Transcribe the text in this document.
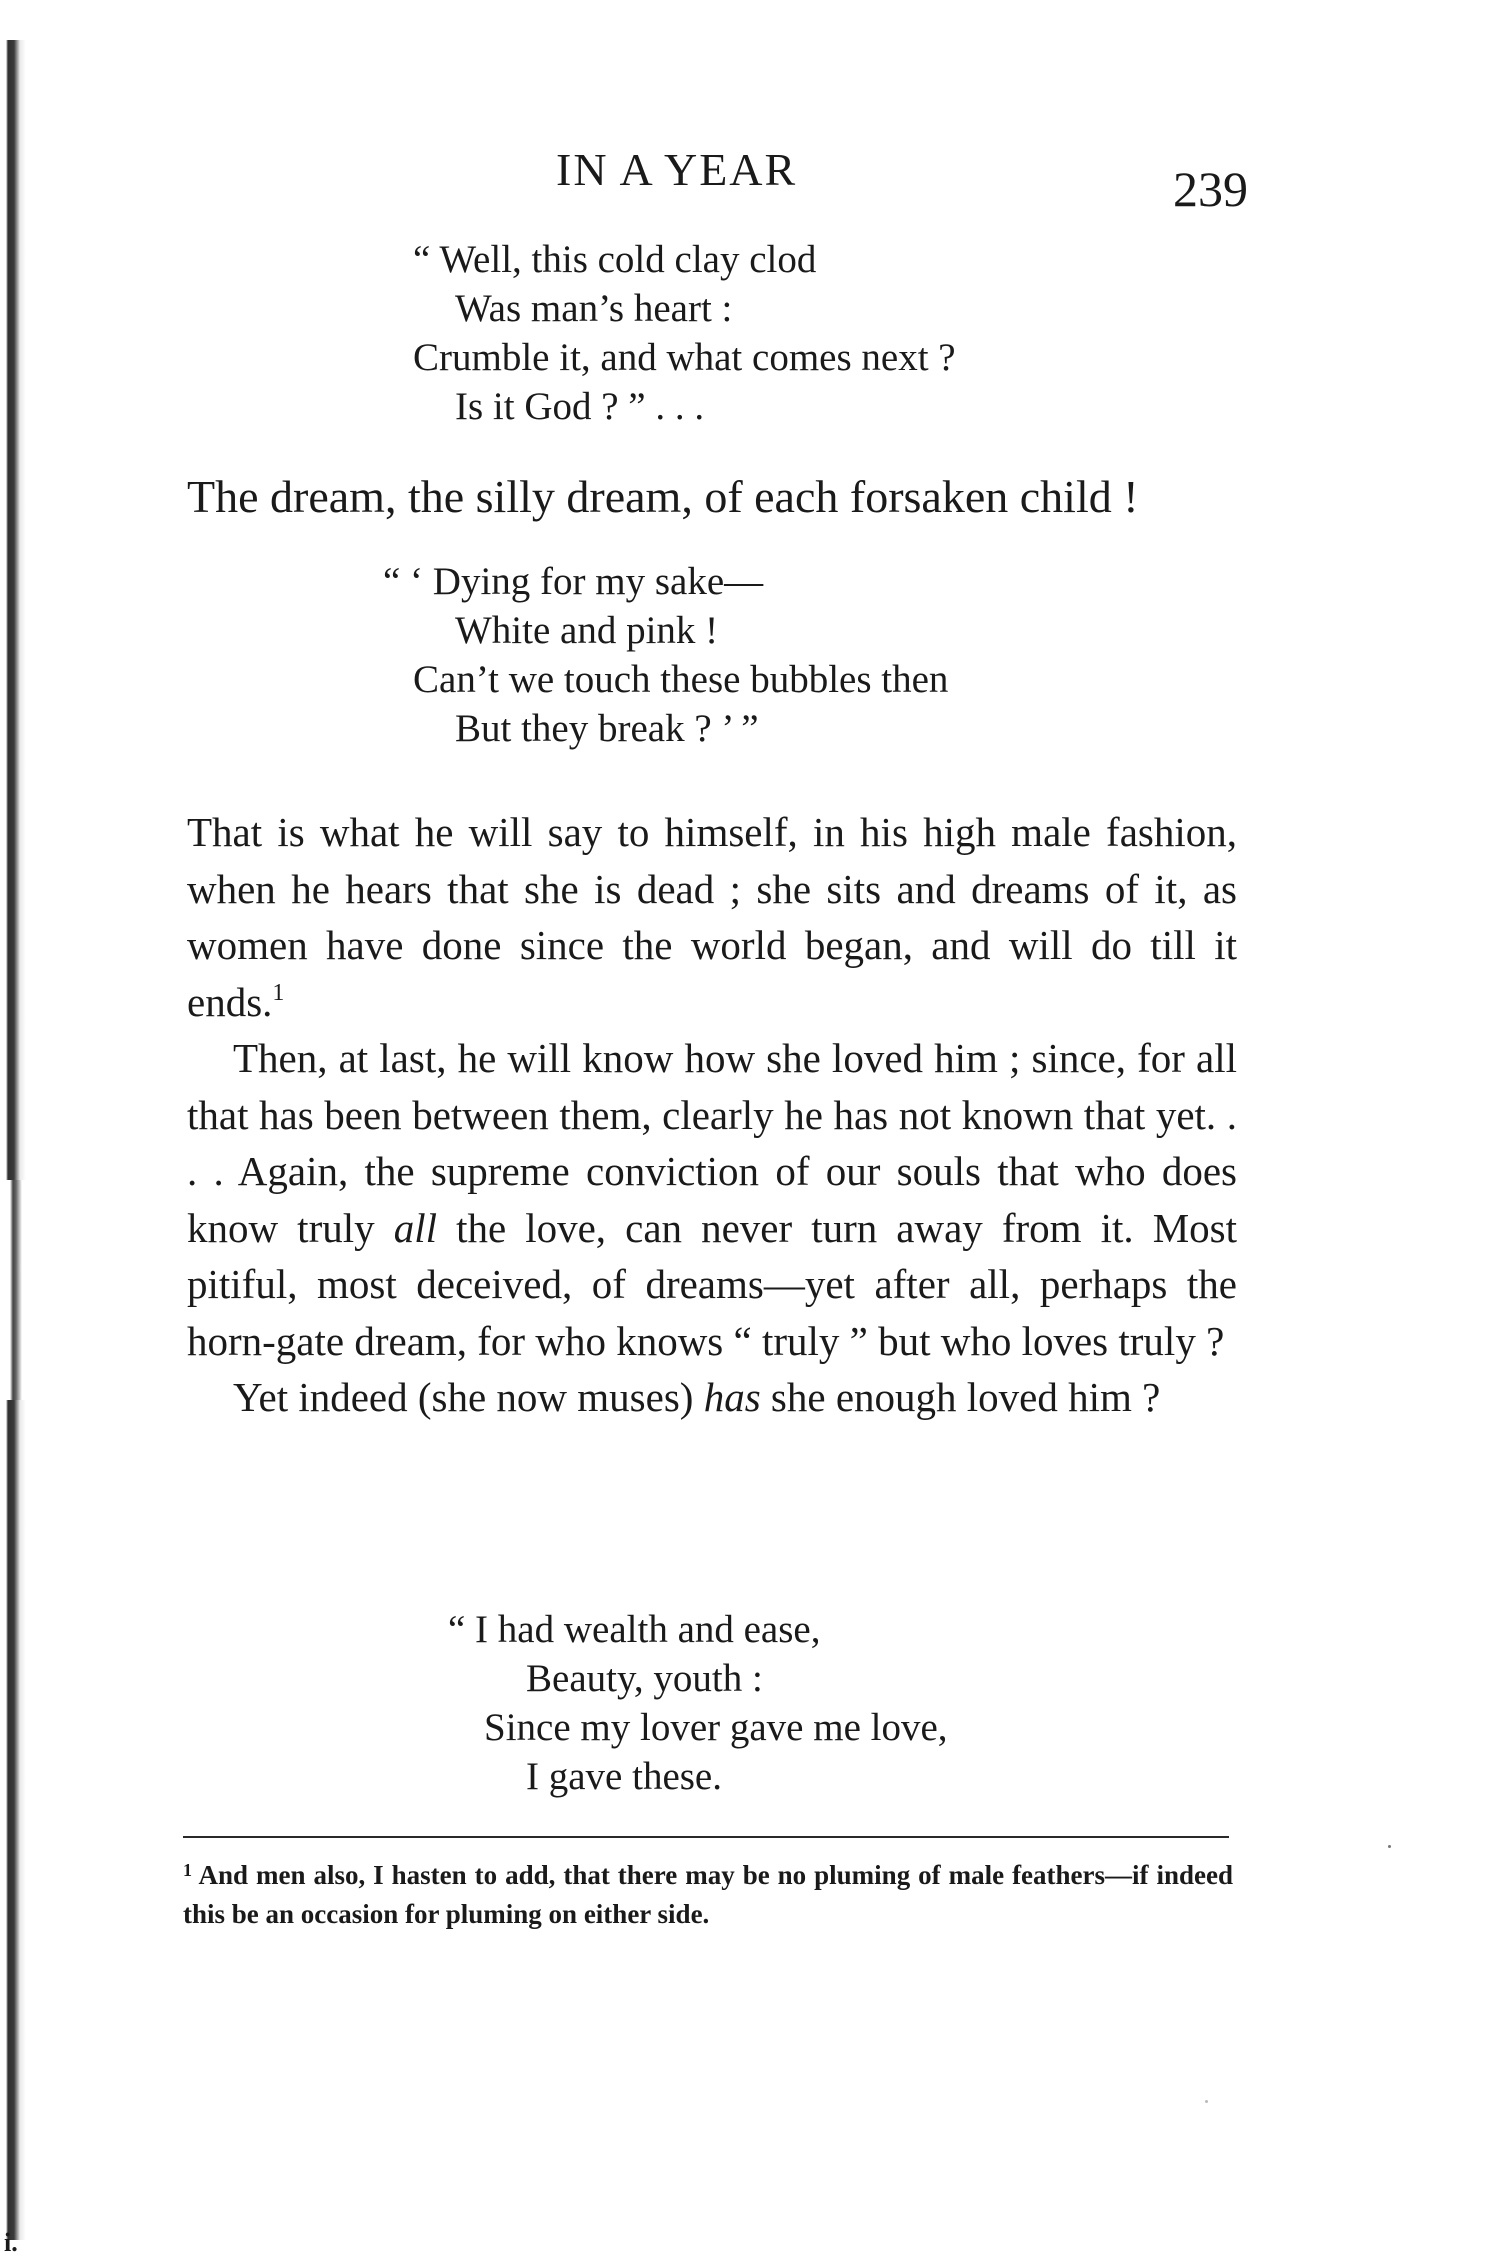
IN A YEAR	239
“ Well, this cold clay clod
Was man’s heart :
Crumble it, and what comes next ?
Is it God ? ” . . .
The dream, the silly dream, of each forsaken child !
“ ‘ Dying for my sake—
White and pink !
Can’t we touch these bubbles then
But they break ? ’ ”

That is what he will say to himself, in his high male fashion, when he hears that she is dead ; she sits and dreams of it, as women have done since the world began, and will do till it ends.$^1$

Then, at last, he will know how she loved him ; since, for all that has been between them, clearly he has not known that yet. . . . Again, the supreme conviction of our souls that who does know truly all the love, can never turn away from it. Most pitiful, most deceived, of dreams—yet after all, perhaps the horn-gate dream, for who knows “ truly ” but who loves truly ?

Yet indeed (she now muses) has she enough loved him ?

“ I had wealth and ease,
Beauty, youth :
Since my lover gave me love,
I gave these.
$^1$ And men also, I hasten to add, that there may be no pluming of male feathers—if indeed this be an occasion for pluming on either side.
i.
